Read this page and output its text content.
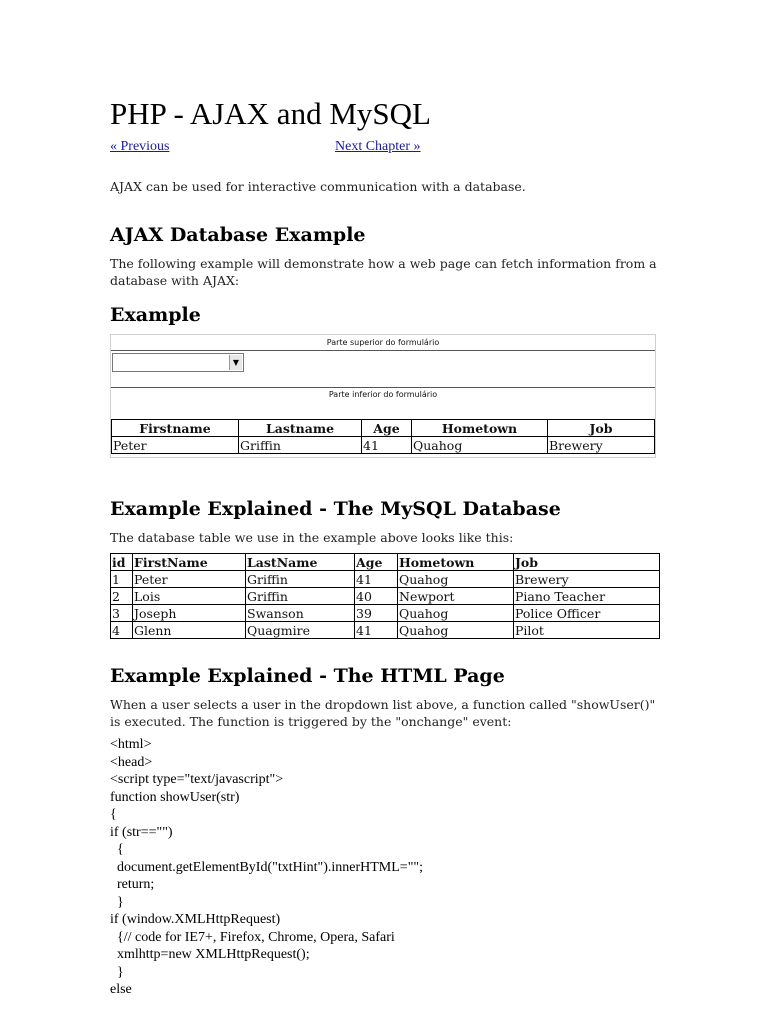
PHP - AJAX and MySQL
« Previous	Next Chapter »
AJAX can be used for interactive communication with a database.
AJAX Database Example
The following example will demonstrate how a web page can fetch information from a database with AJAX:
Example
Parte superior do formulário
▼
Parte inferior do formulário
Firstname	Lastname	Age	Hometown	Job
Peter	Griffin	41	Quahog	Brewery
Example Explained - The MySQL Database
The database table we use in the example above looks like this:
id	FirstName	LastName	Age	Hometown	Job
1	Peter	Griffin	41	Quahog	Brewery
2	Lois	Griffin	40	Newport	Piano Teacher
3	Joseph	Swanson	39	Quahog	Police Officer
4	Glenn	Quagmire	41	Quahog	Pilot
Example Explained - The HTML Page
When a user selects a user in the dropdown list above, a function called "showUser()" is executed. The function is triggered by the "onchange" event:
<html>
<head>
<script type="text/javascript">
function showUser(str)
{
if (str=="")
{
document.getElementById("txtHint").innerHTML="";
return;
}
if (window.XMLHttpRequest)
{// code for IE7+, Firefox, Chrome, Opera, Safari
xmlhttp=new XMLHttpRequest();
}
else
